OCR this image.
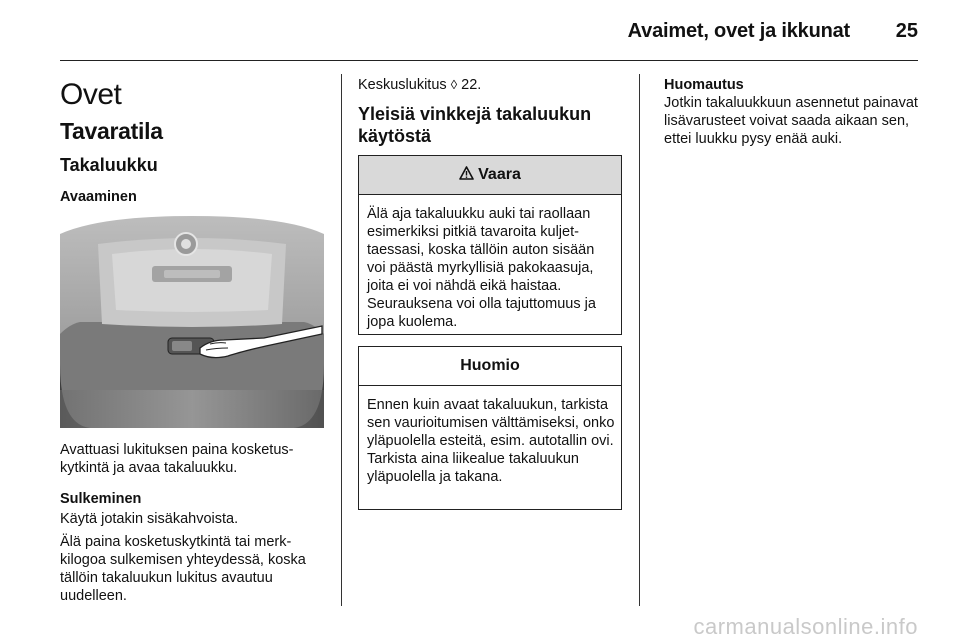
Avaimet, ovet ja ikkunat 25
Ovet
Tavaratila
Takaluukku
Avaaminen

Avattuasi lukituksen paina kosketuskytkintä ja avaa takaluukku.

Sulkeminen

Käytä jotakin sisäkahvoista.

Älä paina kosketuskytkintä tai merkkilogoa sulkemisen yhteydessä, koska tällöin takaluukun lukitus avautuu uudelleen.

Keskuslukitus ◊ 22.

Yleisiä vinkkejä takaluukun käytöstä
Vaara
Älä aja takaluukku auki tai raollaan esimerkiksi pitkiä tavaroita kuljettaessasi, koska tällöin auton sisään voi päästä myrkyllisiä pakokaasuja, joita ei voi nähdä eikä haistaa. Seurauksena voi olla tajuttomuus ja jopa kuolema.
Huomio
Ennen kuin avaat takaluukun, tarkista sen vaurioitumisen välttämiseksi, onko yläpuolella esteitä, esim. autotallin ovi. Tarkista aina liikealue takaluukun yläpuolella ja takana.
Huomautus

Jotkin takaluukkuun asennetut painavat lisävarusteet voivat saada aikaan sen, ettei luukku pysy enää auki.

carmanualsonline.info
